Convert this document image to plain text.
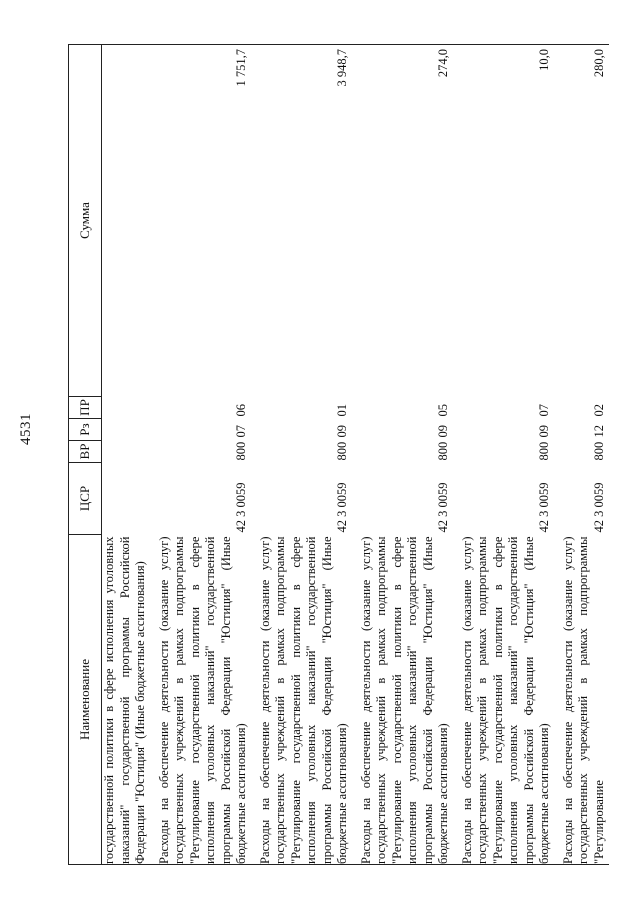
4531
Наименование	ЦСР	ВР	Рз	ПР	Сумма
государственной политики в сфере исполнения уголовных наказаний" государственной программы Российской Федерации "Юстиция" (Иные бюджетные ассигнования)					
Расходы на обеспечение деятельности (оказание услуг) государственных учреждений в рамках подпрограммы "Регулирование государственной политики в сфере исполнения уголовных наказаний" государственной программы Российской Федерации "Юстиция" (Иные бюджетные ассигнования)	42 3 0059	800	07	06	1 751,7
Расходы на обеспечение деятельности (оказание услуг) государственных учреждений в рамках подпрограммы "Регулирование государственной политики в сфере исполнения уголовных наказаний" государственной программы Российской Федерации "Юстиция" (Иные бюджетные ассигнования)	42 3 0059	800	09	01	3 948,7
Расходы на обеспечение деятельности (оказание услуг) государственных учреждений в рамках подпрограммы "Регулирование государственной политики в сфере исполнения уголовных наказаний" государственной программы Российской Федерации "Юстиция" (Иные бюджетные ассигнования)	42 3 0059	800	09	05	274,0
Расходы на обеспечение деятельности (оказание услуг) государственных учреждений в рамках подпрограммы "Регулирование государственной политики в сфере исполнения уголовных наказаний" государственной программы Российской Федерации "Юстиция" (Иные бюджетные ассигнования)	42 3 0059	800	09	07	10,0
Расходы на обеспечение деятельности (оказание услуг) государственных учреждений в рамках подпрограммы "Регулирование	42 3 0059	800	12	02	280,0
